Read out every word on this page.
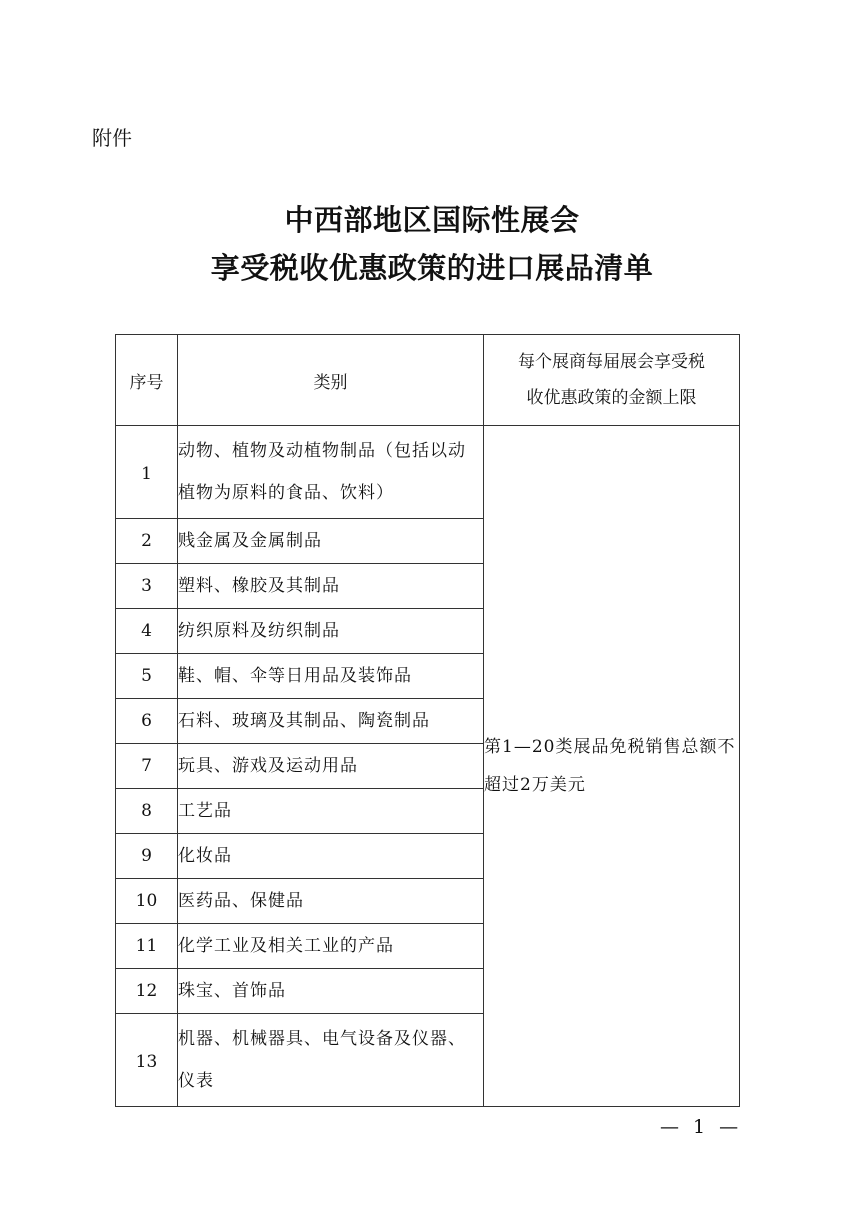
附件
中西部地区国际性展会
享受税收优惠政策的进口展品清单
序号	类别	每个展商每届展会享受税
收优惠政策的金额上限

1	动物、植物及动植物制品（包括以动植物为原料的食品、饮料）	第1—20类展品免税销售总额不超过2万美元
2	贱金属及金属制品	
3	塑料、橡胶及其制品	
4	纺织原料及纺织制品	
5	鞋、帽、伞等日用品及装饰品	
6	石料、玻璃及其制品、陶瓷制品	
7	玩具、游戏及运动用品	
8	工艺品	
9	化妆品	
10	医药品、保健品	
11	化学工业及相关工业的产品	
12	珠宝、首饰品	
13	机器、机械器具、电气设备及仪器、仪表	
— 1 —
